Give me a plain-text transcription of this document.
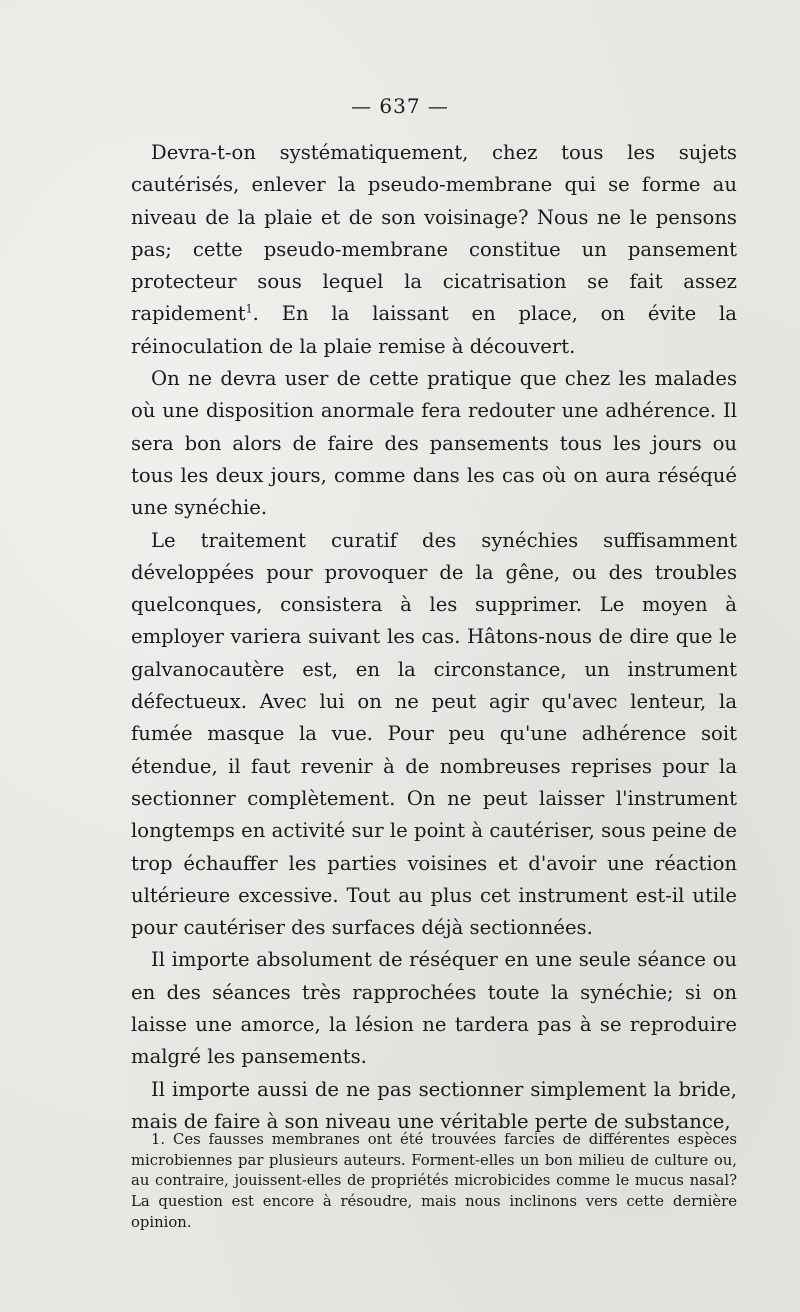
— 637 —

Devra-t-on systématiquement, chez tous les sujets cautérisés, enlever la pseudo-membrane qui se forme au niveau de la plaie et de son voisinage? Nous ne le pensons pas; cette pseudo-membrane constitue un pansement protecteur sous lequel la cicatrisation se fait assez rapidement$^1$. En la laissant en place, on évite la réinoculation de la plaie remise à découvert.

On ne devra user de cette pratique que chez les malades où une disposition anormale fera redouter une adhérence. Il sera bon alors de faire des pansements tous les jours ou tous les deux jours, comme dans les cas où on aura réséqué une synéchie.

Le traitement curatif des synéchies suffisamment développées pour provoquer de la gêne, ou des troubles quelconques, consistera à les supprimer. Le moyen à employer variera suivant les cas. Hâtons-nous de dire que le galvanocautère est, en la circonstance, un instrument défectueux. Avec lui on ne peut agir qu'avec lenteur, la fumée masque la vue. Pour peu qu'une adhérence soit étendue, il faut revenir à de nombreuses reprises pour la sectionner complètement. On ne peut laisser l'instrument longtemps en activité sur le point à cautériser, sous peine de trop échauffer les parties voisines et d'avoir une réaction ultérieure excessive. Tout au plus cet instrument est-il utile pour cautériser des surfaces déjà sectionnées.

Il importe absolument de réséquer en une seule séance ou en des séances très rapprochées toute la synéchie; si on laisse une amorce, la lésion ne tardera pas à se reproduire malgré les pansements.

Il importe aussi de ne pas sectionner simplement la bride, mais de faire à son niveau une véritable perte de substance,

1. Ces fausses membranes ont été trouvées farcies de différentes espèces microbiennes par plusieurs auteurs. Forment-elles un bon milieu de culture ou, au contraire, jouissent-elles de propriétés microbicides comme le mucus nasal? La question est encore à résoudre, mais nous inclinons vers cette dernière opinion.
